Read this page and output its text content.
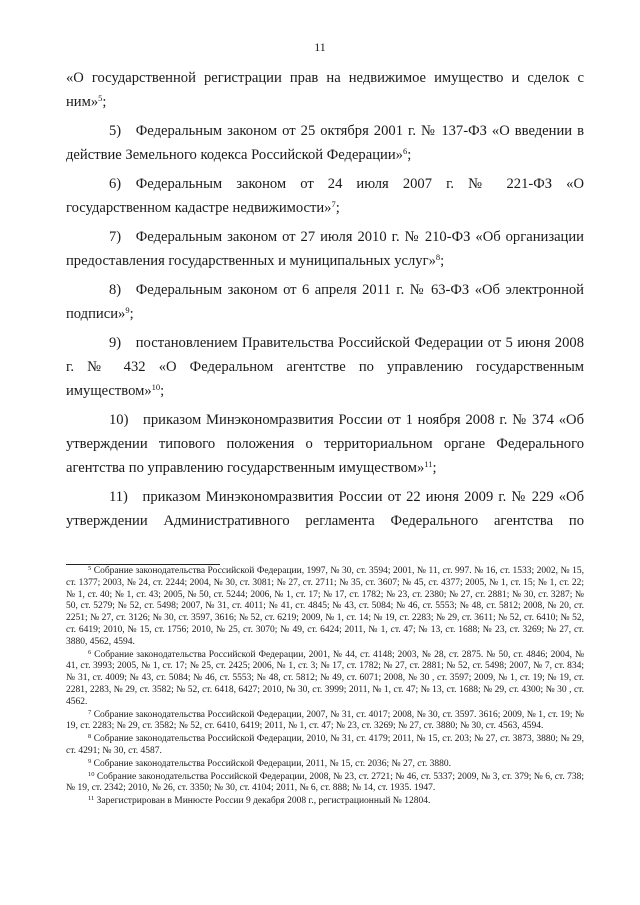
11

«О государственной регистрации прав на недвижимое имущество и сделок с ним»$^5$;

5) Федеральным законом от 25 октября 2001 г. № 137-ФЗ «О введении в действие Земельного кодекса Российской Федерации»$^6$;

6) Федеральным законом от 24 июля 2007 г. № 221-ФЗ «О государственном кадастре недвижимости»$^7$;

7) Федеральным законом от 27 июля 2010 г. № 210-ФЗ «Об организации предоставления государственных и муниципальных услуг»$^8$;

8) Федеральным законом от 6 апреля 2011 г. № 63-ФЗ «Об электронной подписи»$^9$;

9) постановлением Правительства Российской Федерации от 5 июня 2008 г. № 432 «О Федеральном агентстве по управлению государственным имуществом»$^{10}$;

10) приказом Минэкономразвития России от 1 ноября 2008 г. № 374 «Об утверждении типового положения о территориальном органе Федерального агентства по управлению государственным имуществом»$^{11}$;

11) приказом Минэкономразвития России от 22 июня 2009 г. № 229 «Об утверждении Административного регламента Федерального агентства по

$^5$ Собрание законодательства Российской Федерации, 1997, № 30, ст. 3594; 2001, № 11, ст. 997. № 16, ст. 1533; 2002, № 15, ст. 1377; 2003, № 24, ст. 2244; 2004, № 30, ст. 3081; № 27, ст. 2711; № 35, ст. 3607; № 45, ст. 4377; 2005, № 1, ст. 15; № 1, ст. 22; № 1, ст. 40; № 1, ст. 43; 2005, № 50, ст. 5244; 2006, № 1, ст. 17; № 17, ст. 1782; № 23, ст. 2380; № 27, ст. 2881; № 30, ст. 3287; № 50, ст. 5279; № 52, ст. 5498; 2007, № 31, ст. 4011; № 41, ст. 4845; № 43, ст. 5084; № 46, ст. 5553; № 48, ст. 5812; 2008, № 20, ст. 2251; № 27, ст. 3126; № 30, ст. 3597, 3616; № 52, ст. 6219; 2009, № 1, ст. 14; № 19, ст. 2283; № 29, ст. 3611; № 52, ст. 6410; № 52, ст. 6419; 2010, № 15, ст. 1756; 2010, № 25, ст. 3070; № 49, ст. 6424; 2011, № 1, ст. 47; № 13, ст. 1688; № 23, ст. 3269; № 27, ст. 3880, 4562, 4594.

$^6$ Собрание законодательства Российской Федерации, 2001, № 44, ст. 4148; 2003, № 28, ст. 2875. № 50, ст. 4846; 2004, № 41, ст. 3993; 2005, № 1, ст. 17; № 25, ст. 2425; 2006, № 1, ст. 3; № 17, ст. 1782; № 27, ст. 2881; № 52, ст. 5498; 2007, № 7, ст. 834; № 31, ст. 4009; № 43, ст. 5084; № 46, ст. 5553; № 48, ст. 5812; № 49, ст. 6071; 2008, № 30 , ст. 3597; 2009, № 1, ст. 19; № 19, ст. 2281, 2283, № 29, ст. 3582; № 52, ст. 6418, 6427; 2010, № 30, ст. 3999; 2011, № 1, ст. 47; № 13, ст. 1688; № 29, ст. 4300; № 30 , ст. 4562.

$^7$ Собрание законодательства Российской Федерации, 2007, № 31, ст. 4017; 2008, № 30, ст. 3597. 3616; 2009, № 1, ст. 19; № 19, ст. 2283; № 29, ст. 3582; № 52, ст. 6410, 6419; 2011, № 1, ст. 47; № 23, ст. 3269; № 27, ст. 3880; № 30, ст. 4563, 4594.

$^8$ Собрание законодательства Российской Федерации, 2010, № 31, ст. 4179; 2011, № 15, ст. 203; № 27, ст. 3873, 3880; № 29, ст. 4291; № 30, ст. 4587.

$^9$ Собрание законодательства Российской Федерации, 2011, № 15, ст. 2036; № 27, ст. 3880.

$^{10}$ Собрание законодательства Российской Федерации, 2008, № 23, ст. 2721; № 46, ст. 5337; 2009, № 3, ст. 379; № 6, ст. 738; № 19, ст. 2342; 2010, № 26, ст. 3350; № 30, ст. 4104; 2011, № 6, ст. 888; № 14, ст. 1935. 1947.

$^{11}$ Зарегистрирован в Минюсте России 9 декабря 2008 г., регистрационный № 12804.
